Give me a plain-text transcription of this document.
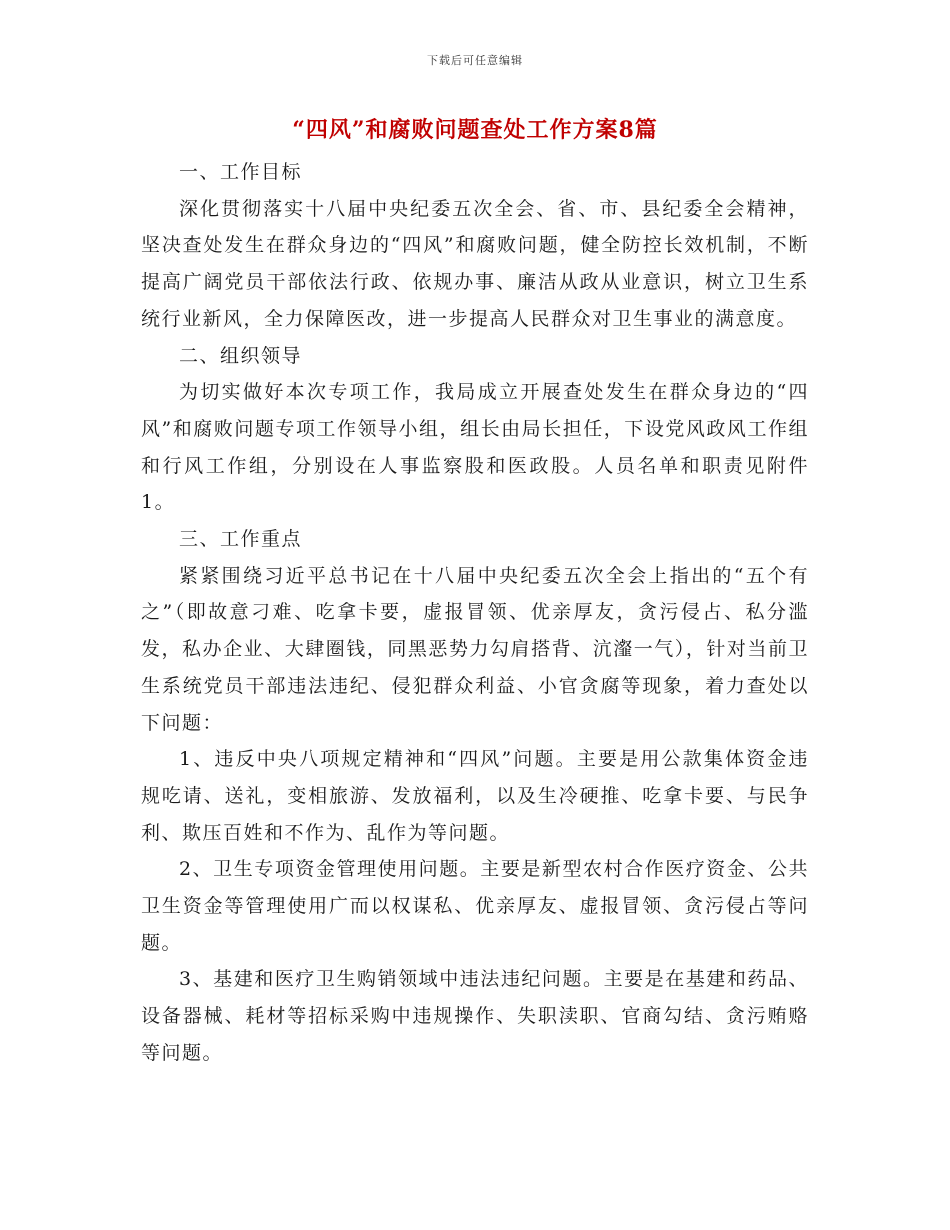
下载后可任意编辑
“四风”和腐败问题查处工作方案8篇

一、工作目标

深化贯彻落实十八届中央纪委五次全会、省、市、县纪委全会精神，坚决查处发生在群众身边的“四风”和腐败问题，健全防控长效机制，不断提高广阔党员干部依法行政、依规办事、廉洁从政从业意识，树立卫生系统行业新风，全力保障医改，进一步提高人民群众对卫生事业的满意度。

二、组织领导

为切实做好本次专项工作，我局成立开展查处发生在群众身边的“四风”和腐败问题专项工作领导小组，组长由局长担任，下设党风政风工作组和行风工作组，分别设在人事监察股和医政股。人员名单和职责见附件1。

三、工作重点

紧紧围绕习近平总书记在十八届中央纪委五次全会上指出的“五个有之”（即故意刁难、吃拿卡要，虚报冒领、优亲厚友，贪污侵占、私分滥发，私办企业、大肆圈钱，同黑恶势力勾肩搭背、沆瀣一气），针对当前卫生系统党员干部违法违纪、侵犯群众利益、小官贪腐等现象，着力查处以下问题：

1、违反中央八项规定精神和“四风”问题。主要是用公款集体资金违规吃请、送礼，变相旅游、发放福利，以及生冷硬推、吃拿卡要、与民争利、欺压百姓和不作为、乱作为等问题。

2、卫生专项资金管理使用问题。主要是新型农村合作医疗资金、公共卫生资金等管理使用广而以权谋私、优亲厚友、虚报冒领、贪污侵占等问题。

3、基建和医疗卫生购销领域中违法违纪问题。主要是在基建和药品、设备器械、耗材等招标采购中违规操作、失职渎职、官商勾结、贪污贿赂等问题。
